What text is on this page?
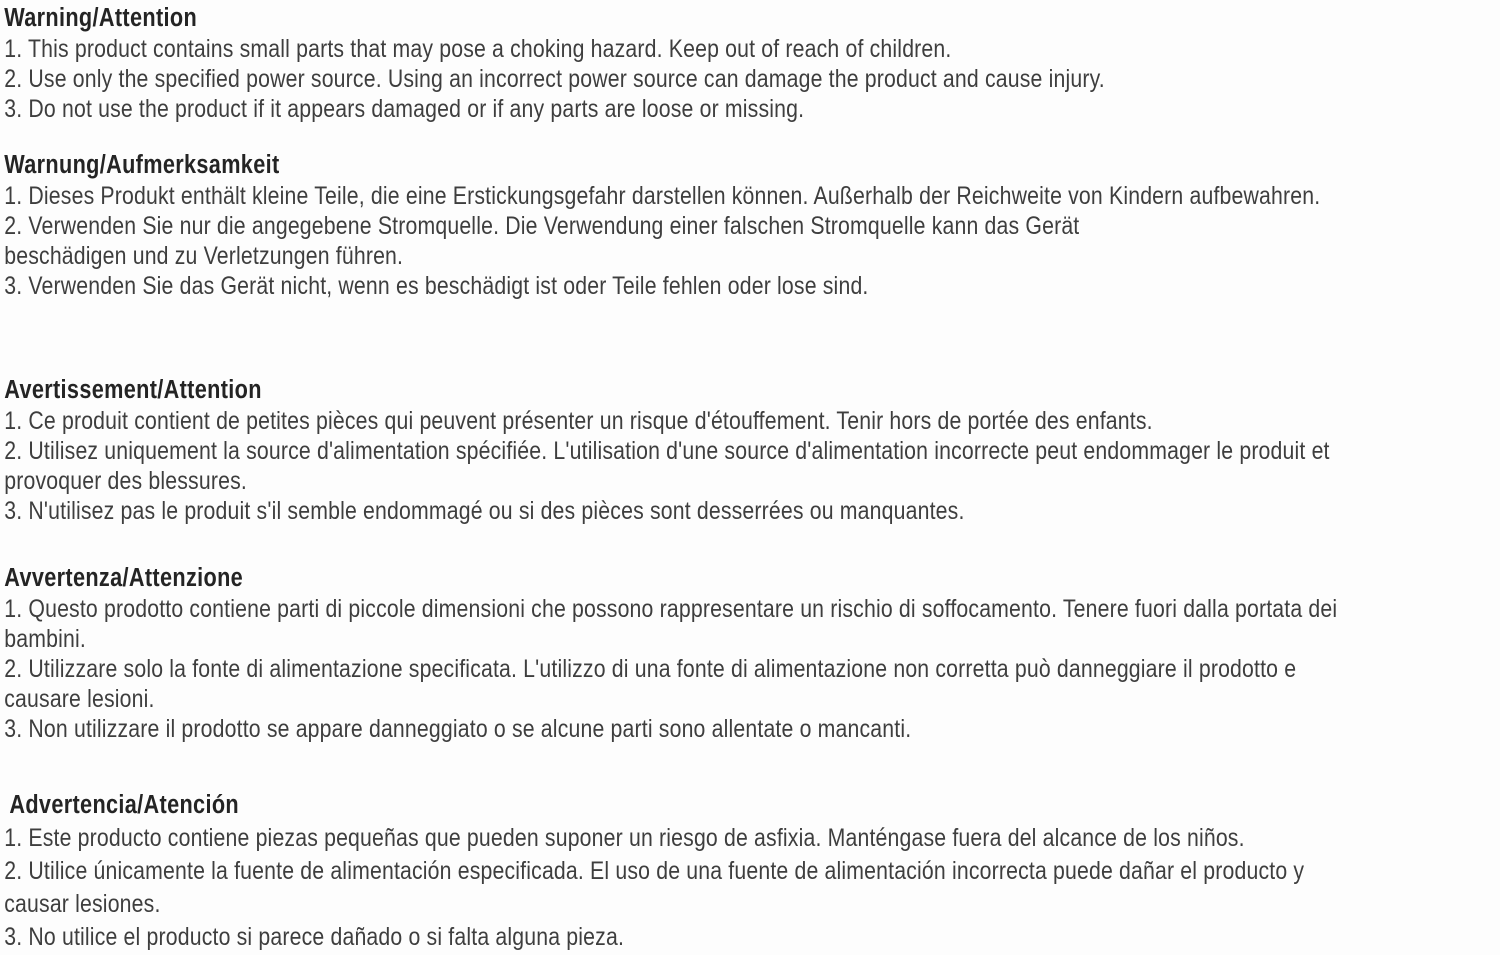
Warning/Attention
1. This product contains small parts that may pose a choking hazard. Keep out of reach of children.
2. Use only the specified power source. Using an incorrect power source can damage the product and cause injury.
3. Do not use the product if it appears damaged or if any parts are loose or missing.
Warnung/Aufmerksamkeit
1. Dieses Produkt enthält kleine Teile, die eine Erstickungsgefahr darstellen können. Außerhalb der Reichweite von Kindern aufbewahren.
2. Verwenden Sie nur die angegebene Stromquelle. Die Verwendung einer falschen Stromquelle kann das Gerät
beschädigen und zu Verletzungen führen.
3. Verwenden Sie das Gerät nicht, wenn es beschädigt ist oder Teile fehlen oder lose sind.
Avertissement/Attention
1. Ce produit contient de petites pièces qui peuvent présenter un risque d'étouffement. Tenir hors de portée des enfants.
2. Utilisez uniquement la source d'alimentation spécifiée. L'utilisation d'une source d'alimentation incorrecte peut endommager le produit et
provoquer des blessures.
3. N'utilisez pas le produit s'il semble endommagé ou si des pièces sont desserrées ou manquantes.
Avvertenza/Attenzione
1. Questo prodotto contiene parti di piccole dimensioni che possono rappresentare un rischio di soffocamento. Tenere fuori dalla portata dei
bambini.
2. Utilizzare solo la fonte di alimentazione specificata. L'utilizzo di una fonte di alimentazione non corretta può danneggiare il prodotto e
causare lesioni.
3. Non utilizzare il prodotto se appare danneggiato o se alcune parti sono allentate o mancanti.
Advertencia/Atención
1. Este producto contiene piezas pequeñas que pueden suponer un riesgo de asfixia. Manténgase fuera del alcance de los niños.
2. Utilice únicamente la fuente de alimentación especificada. El uso de una fuente de alimentación incorrecta puede dañar el producto y
causar lesiones.
3. No utilice el producto si parece dañado o si falta alguna pieza.
